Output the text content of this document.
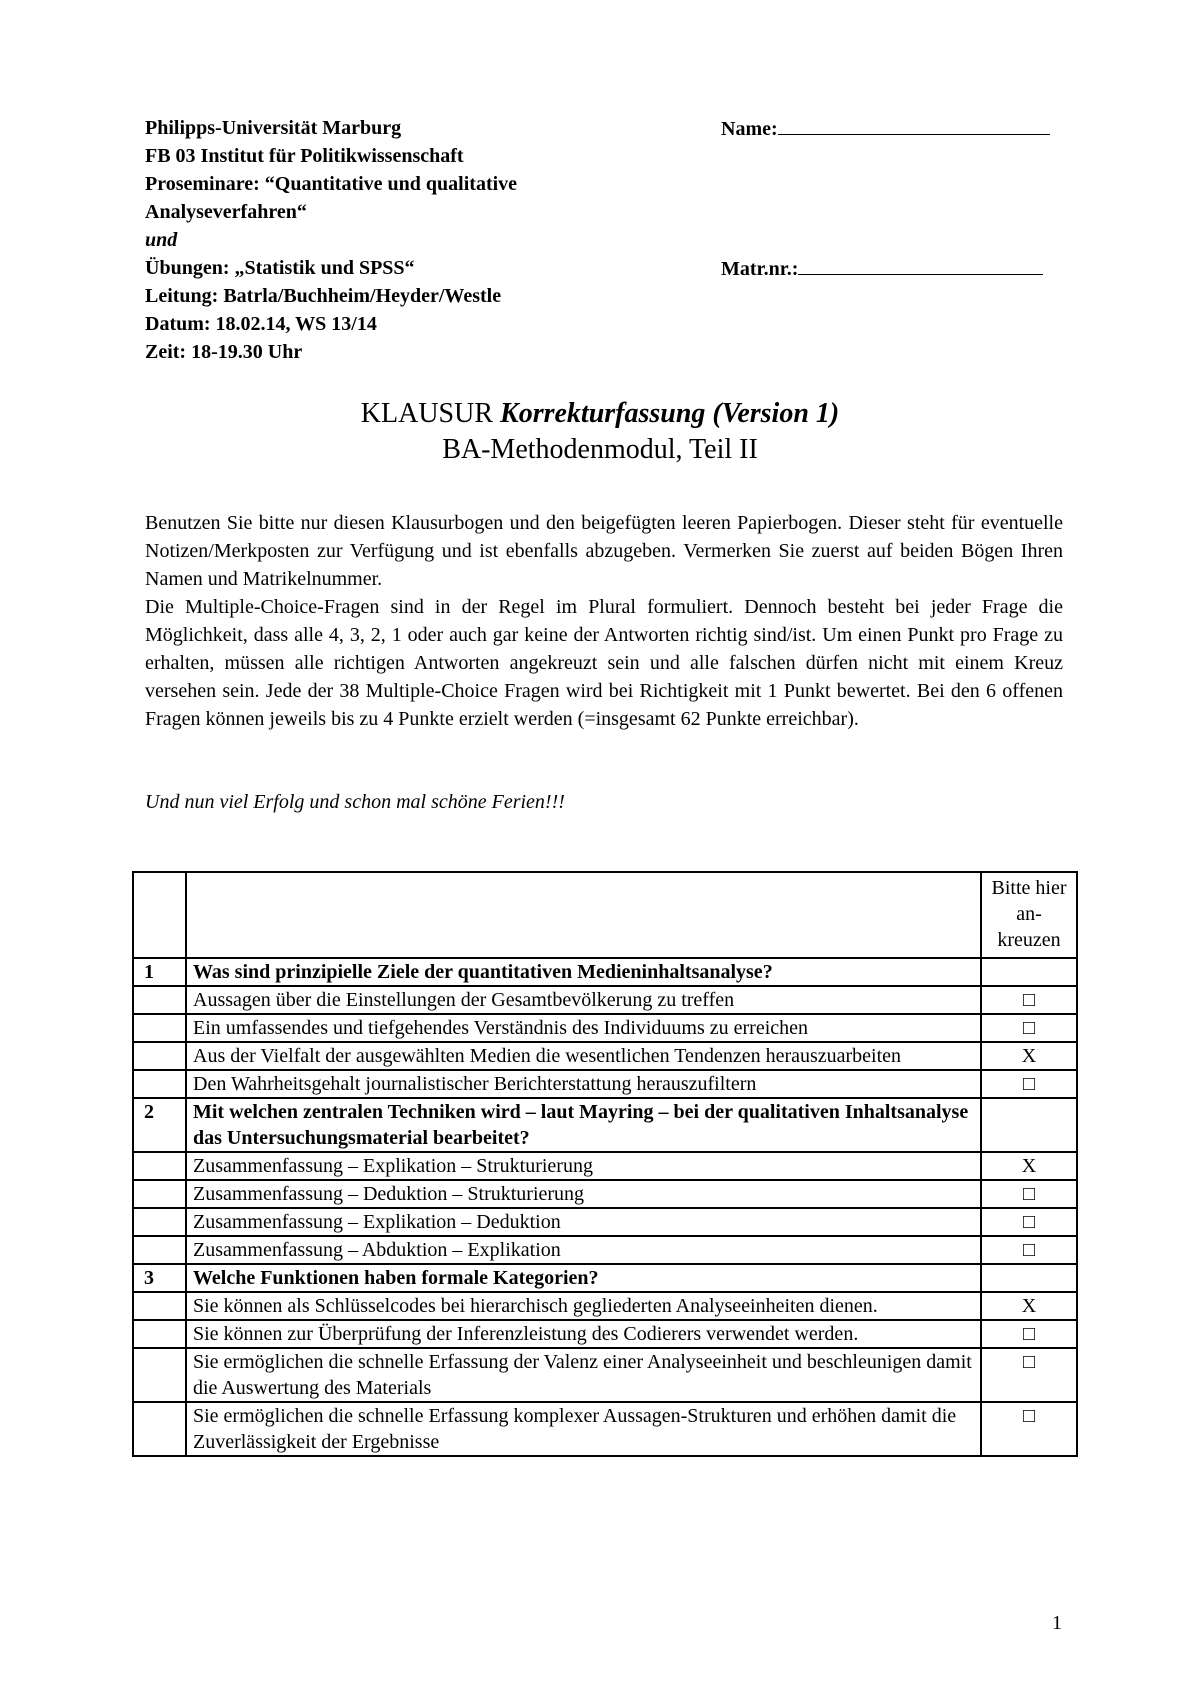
Philipps-Universität Marburg
FB 03 Institut für Politikwissenschaft
Proseminare: “Quantitative und qualitative
Analyseverfahren“
und
Übungen: „Statistik und SPSS“
Leitung: Batrla/Buchheim/Heyder/Westle
Datum: 18.02.14, WS 13/14
Zeit: 18-19.30 Uhr
Name:
Matr.nr.:
KLAUSUR Korrekturfassung (Version 1)
BA-Methodenmodul, Teil II

Benutzen Sie bitte nur diesen Klausurbogen und den beigefügten leeren Papierbogen. Dieser steht für eventuelle Notizen/Merkposten zur Verfügung und ist ebenfalls abzugeben. Vermerken Sie zuerst auf beiden Bögen Ihren Namen und Matrikelnummer.

Die Multiple-Choice-Fragen sind in der Regel im Plural formuliert. Dennoch besteht bei jeder Frage die Möglichkeit, dass alle 4, 3, 2, 1 oder auch gar keine der Antworten richtig sind/ist. Um einen Punkt pro Frage zu erhalten, müssen alle richtigen Antworten angekreuzt sein und alle falschen dürfen nicht mit einem Kreuz versehen sein. Jede der 38 Multiple-Choice Fragen wird bei Richtigkeit mit 1 Punkt bewertet. Bei den 6 offenen Fragen können jeweils bis zu 4 Punkte erzielt werden (=insgesamt 62 Punkte erreichbar).

Und nun viel Erfolg und schon mal schöne Ferien!!!
		Bitte hier an-kreuzen
1	Was sind prinzipielle Ziele der quantitativen Medieninhaltsanalyse?	
	Aussagen über die Einstellungen der Gesamtbevölkerung zu treffen	□
	Ein umfassendes und tiefgehendes Verständnis des Individuums zu erreichen	□
	Aus der Vielfalt der ausgewählten Medien die wesentlichen Tendenzen herauszuarbeiten	X
	Den Wahrheitsgehalt journalistischer Berichterstattung herauszufiltern	□
2	Mit welchen zentralen Techniken wird – laut Mayring – bei der qualitativen Inhaltsanalyse das Untersuchungsmaterial bearbeitet?	
	Zusammenfassung – Explikation – Strukturierung	X
	Zusammenfassung – Deduktion – Strukturierung	□
	Zusammenfassung – Explikation – Deduktion	□
	Zusammenfassung – Abduktion – Explikation	□
3	Welche Funktionen haben formale Kategorien?	
	Sie können als Schlüsselcodes bei hierarchisch gegliederten Analyseeinheiten dienen.	X
	Sie können zur Überprüfung der Inferenzleistung des Codierers verwendet werden.	□
	Sie ermöglichen die schnelle Erfassung der Valenz einer Analyseeinheit und beschleunigen damit die Auswertung des Materials	□
	Sie ermöglichen die schnelle Erfassung komplexer Aussagen-Strukturen und erhöhen damit die Zuverlässigkeit der Ergebnisse	□
1
